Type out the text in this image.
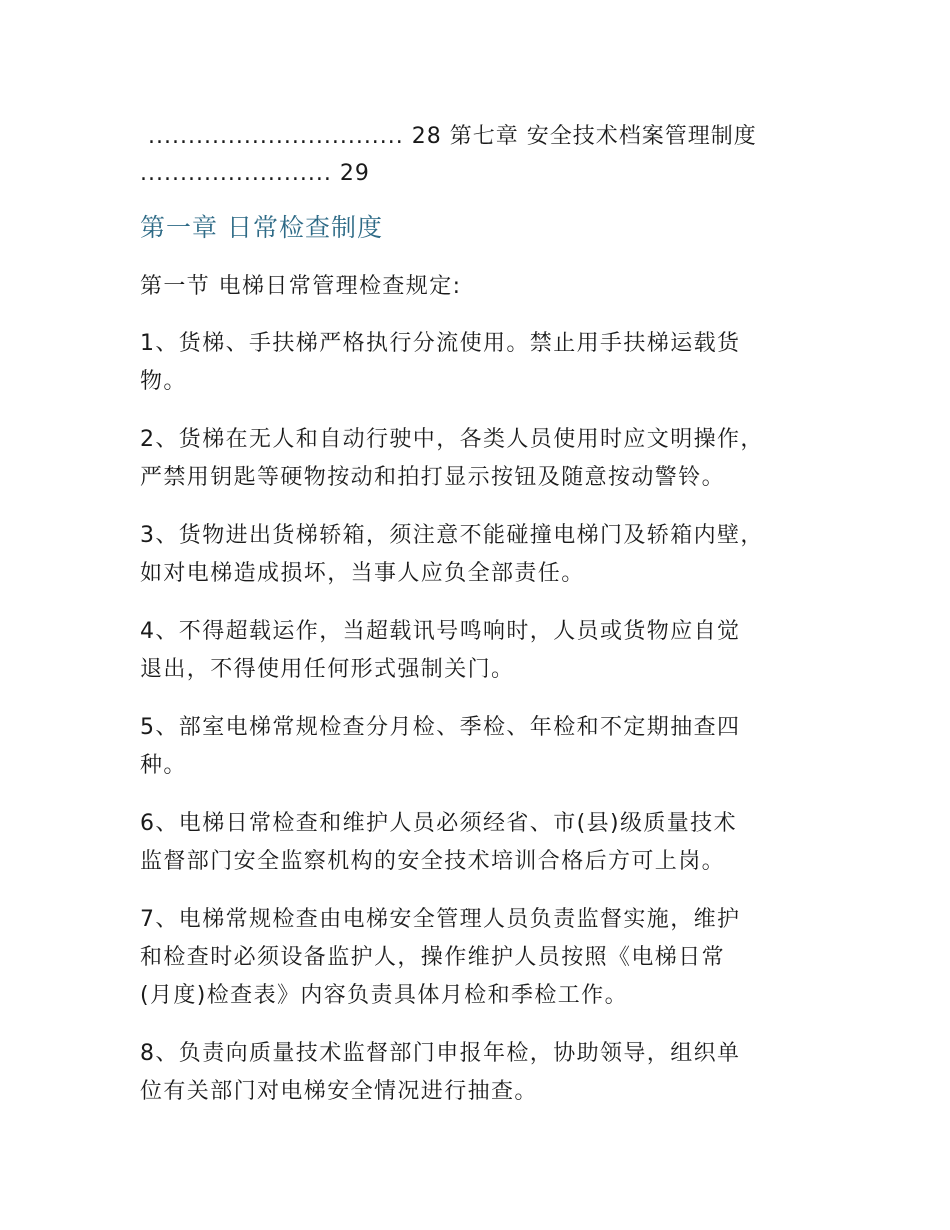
................................ 28 第七章 安全技术档案管理制度
........................ 29
第一章 日常检查制度
第一节 电梯日常管理检查规定:
1、货梯、手扶梯严格执行分流使用。禁止用手扶梯运载货
物。
2、货梯在无人和自动行驶中，各类人员使用时应文明操作，
严禁用钥匙等硬物按动和拍打显示按钮及随意按动警铃。
3、货物进出货梯轿箱，须注意不能碰撞电梯门及轿箱内壁，
如对电梯造成损坏，当事人应负全部责任。
4、不得超载运作，当超载讯号鸣响时，人员或货物应自觉
退出，不得使用任何形式强制关门。
5、部室电梯常规检查分月检、季检、年检和不定期抽查四
种。
6、电梯日常检查和维护人员必须经省、市(县)级质量技术
监督部门安全监察机构的安全技术培训合格后方可上岗。
7、电梯常规检查由电梯安全管理人员负责监督实施，维护
和检查时必须设备监护人，操作维护人员按照《电梯日常
(月度)检查表》内容负责具体月检和季检工作。
8、负责向质量技术监督部门申报年检，协助领导，组织单
位有关部门对电梯安全情况进行抽查。
